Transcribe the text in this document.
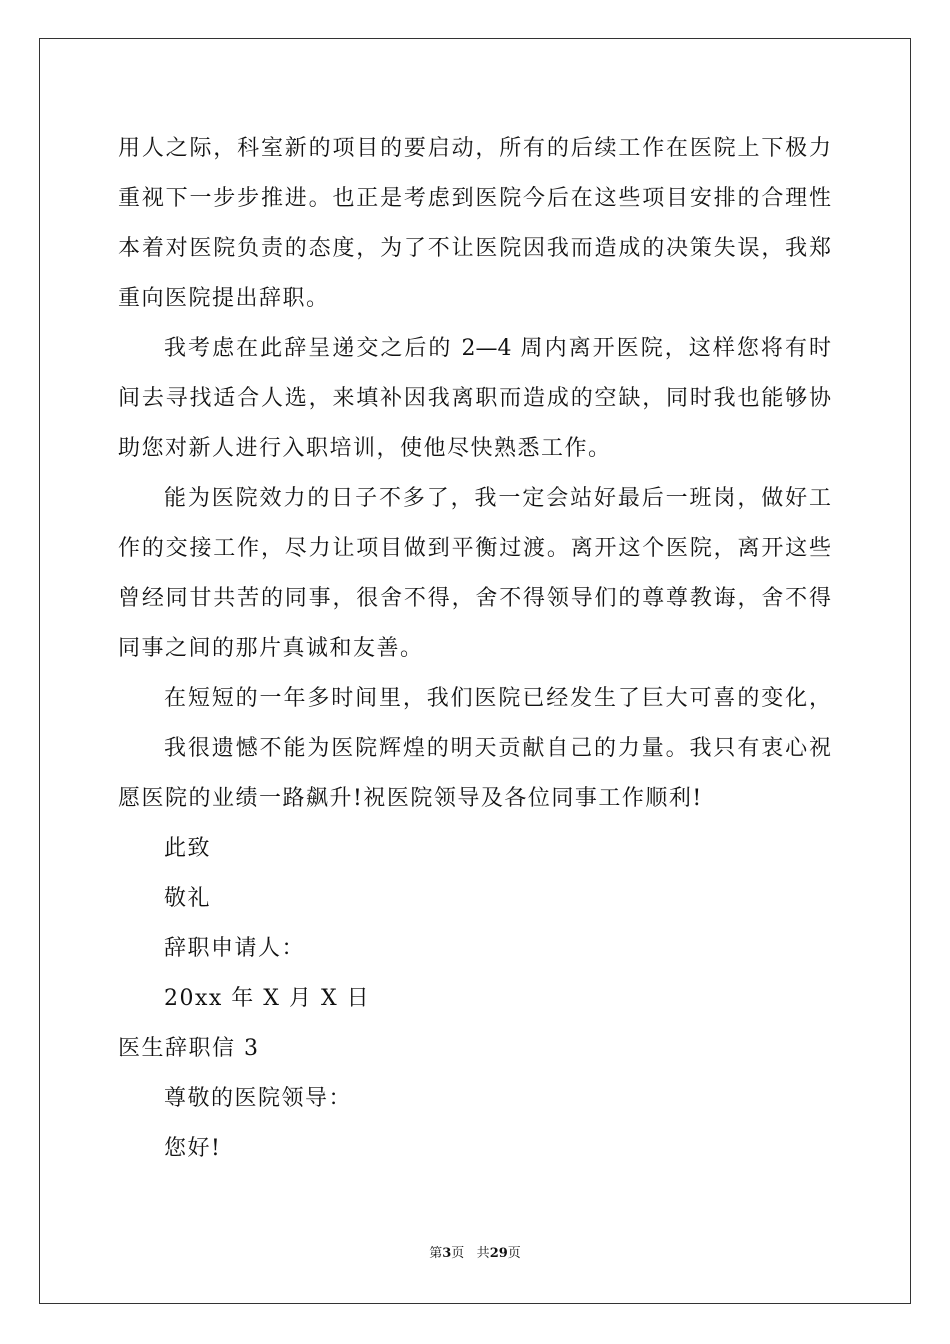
用人之际，科室新的项目的要启动，所有的后续工作在医院上下极力
重视下一步步推进。也正是考虑到医院今后在这些项目安排的合理性
本着对医院负责的态度，为了不让医院因我而造成的决策失误，我郑
重向医院提出辞职。
我考虑在此辞呈递交之后的 2—4 周内离开医院，这样您将有时
间去寻找适合人选，来填补因我离职而造成的空缺，同时我也能够协
助您对新人进行入职培训，使他尽快熟悉工作。
能为医院效力的日子不多了，我一定会站好最后一班岗，做好工
作的交接工作，尽力让项目做到平衡过渡。离开这个医院，离开这些
曾经同甘共苦的同事，很舍不得，舍不得领导们的尊尊教诲，舍不得
同事之间的那片真诚和友善。
在短短的一年多时间里，我们医院已经发生了巨大可喜的变化，
我很遗憾不能为医院辉煌的明天贡献自己的力量。我只有衷心祝
愿医院的业绩一路飙升!祝医院领导及各位同事工作顺利!
此致
敬礼
辞职申请人：
20xx 年 X 月 X 日
医生辞职信 3
尊敬的医院领导：
您好!
第3页 共29页
